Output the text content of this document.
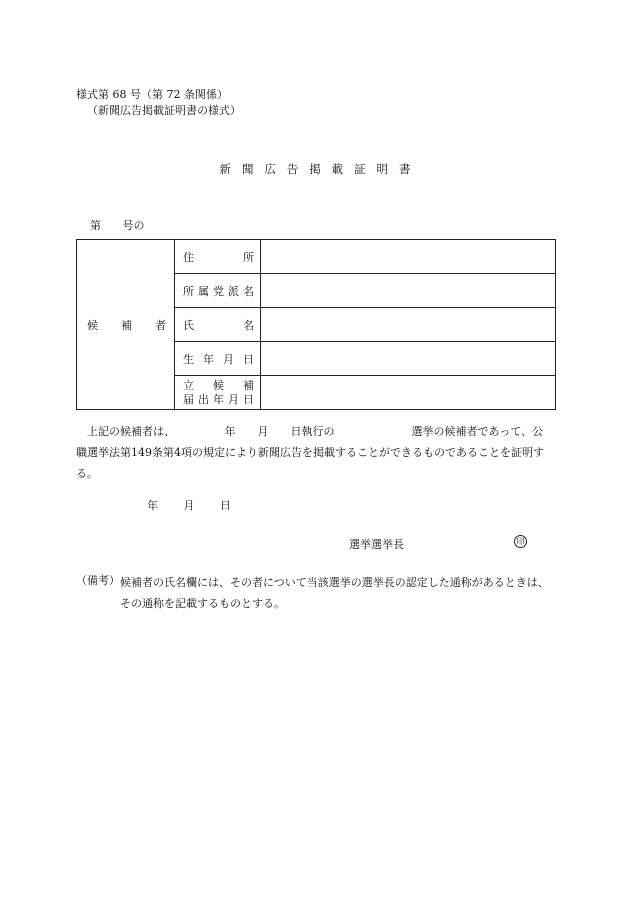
様式第 68 号（第 72 条関係）
（新聞広告掲載証明書の様式）
新聞広告掲載証明書
第 号の
候補者	住所	
	所属党派名	
	氏名	
	生年月日	

	立候補
届出年月日	

上記の候補者は、　　　　　年　　月　　日執行の　　　　　　　選挙の候補者であって、公職選挙法第149条第4項の規定により新聞広告を掲載することができるものであることを証明する。
年 月 日
選挙選挙長	印
（備考） 候補者の氏名欄には、その者について当該選挙の選挙長の認定した通称があるときは、その通称を記載するものとする。
